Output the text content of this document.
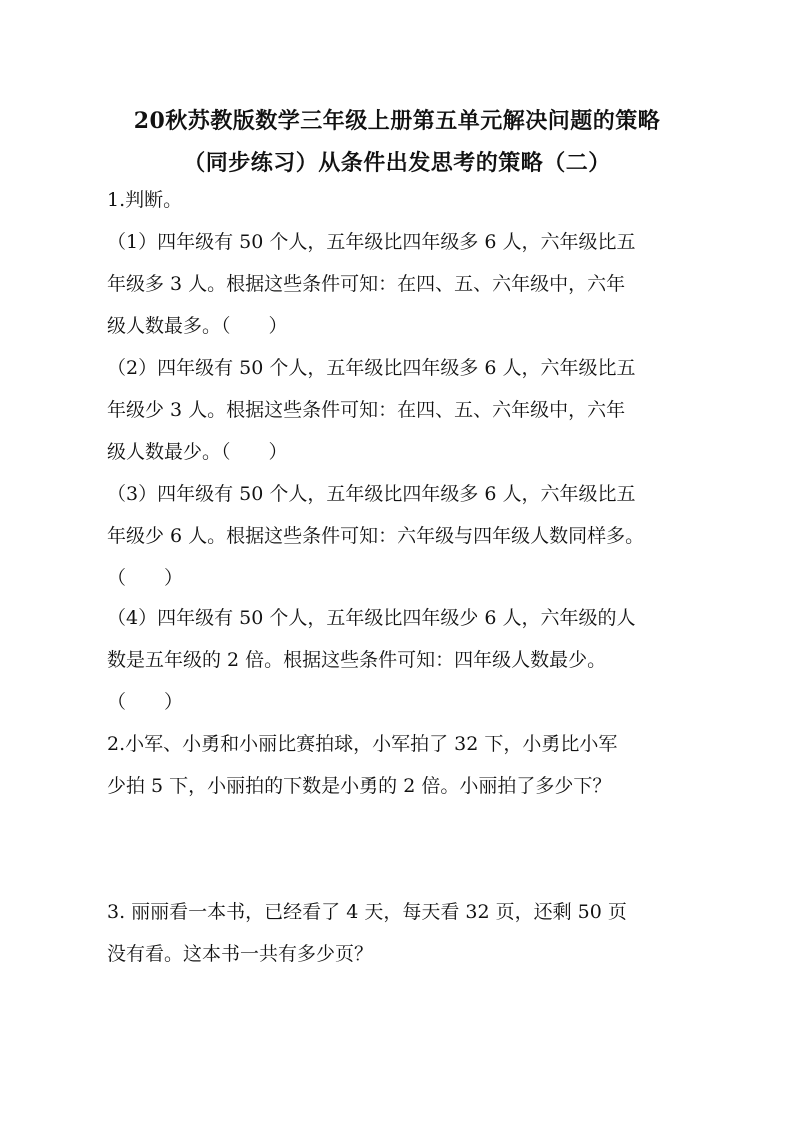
20秋苏教版数学三年级上册第五单元解决问题的策略
（同步练习）从条件出发思考的策略（二）
1.判断。
（1）四年级有 50 个人，五年级比四年级多 6 人，六年级比五
年级多 3 人。根据这些条件可知：在四、五、六年级中，六年
级人数最多。（　　）
（2）四年级有 50 个人，五年级比四年级多 6 人，六年级比五
年级少 3 人。根据这些条件可知：在四、五、六年级中，六年
级人数最少。（　　）
（3）四年级有 50 个人，五年级比四年级多 6 人，六年级比五
年级少 6 人。根据这些条件可知：六年级与四年级人数同样多。
（　　）
（4）四年级有 50 个人，五年级比四年级少 6 人，六年级的人
数是五年级的 2 倍。根据这些条件可知：四年级人数最少。
（　　）
2.小军、小勇和小丽比赛拍球，小军拍了 32 下，小勇比小军
少拍 5 下，小丽拍的下数是小勇的 2 倍。小丽拍了多少下？
3. 丽丽看一本书，已经看了 4 天，每天看 32 页，还剩 50 页
没有看。这本书一共有多少页？
